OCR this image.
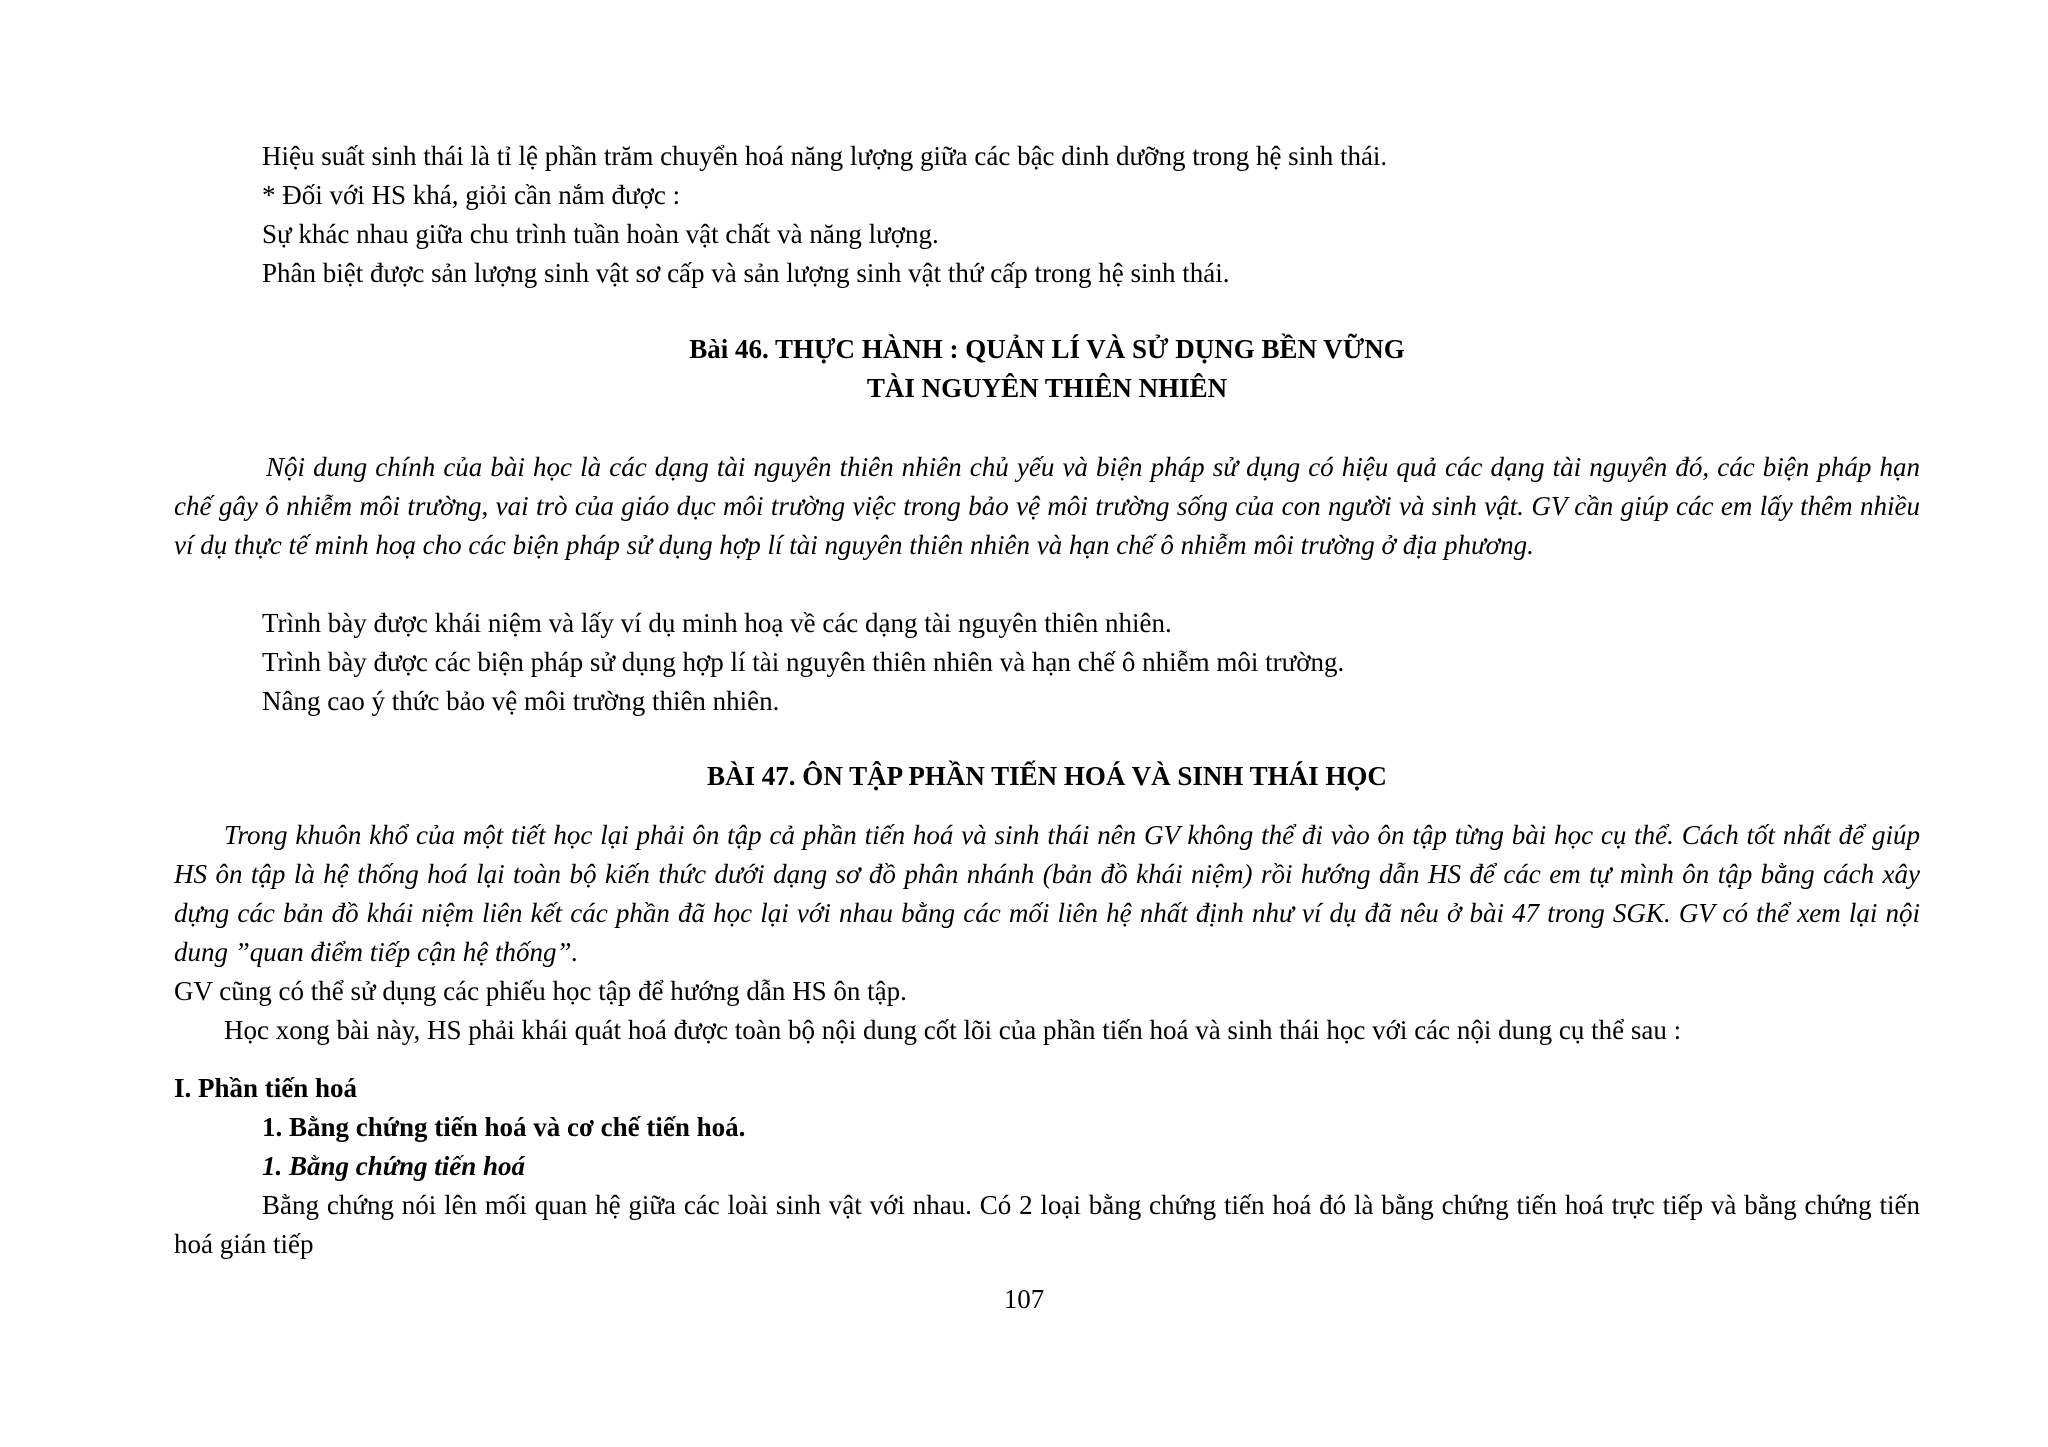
Hiệu suất sinh thái là tỉ lệ phần trăm chuyển hoá năng lượng giữa các bậc dinh dưỡng trong hệ sinh thái.
* Đối với HS khá, giỏi cần nắm được :
Sự khác nhau giữa chu trình tuần hoàn vật chất và năng lượng.
Phân biệt được sản lượng sinh vật sơ cấp và sản lượng sinh vật thứ cấp trong hệ sinh thái.
Bài 46. THỰC HÀNH : QUẢN LÍ VÀ SỬ DỤNG BỀN VỮNG
TÀI NGUYÊN THIÊN NHIÊN
Nội dung chính của bài học là các dạng tài nguyên thiên nhiên chủ yếu và biện pháp sử dụng có hiệu quả các dạng tài nguyên đó, các biện pháp hạn chế gây ô nhiễm môi trường, vai trò của giáo dục môi trường việc trong bảo vệ môi trường sống của con người và sinh vật. GV cần giúp các em lấy thêm nhiều ví dụ thực tế minh hoạ cho các biện pháp sử dụng hợp lí tài nguyên thiên nhiên và hạn chế ô nhiễm môi trường ở địa phương.
Trình bày được khái niệm và lấy ví dụ minh hoạ về các dạng tài nguyên thiên nhiên.
Trình bày được các biện pháp sử dụng hợp lí tài nguyên thiên nhiên và hạn chế ô nhiễm môi trường.
Nâng cao ý thức bảo vệ môi trường thiên nhiên.
BÀI 47. ÔN TẬP PHẦN TIẾN HOÁ VÀ SINH THÁI HỌC
Trong khuôn khổ của một tiết học lại phải ôn tập cả phần tiến hoá và sinh thái nên GV không thể đi vào ôn tập từng bài học cụ thể. Cách tốt nhất để giúp HS ôn tập là hệ thống hoá lại toàn bộ kiến thức dưới dạng sơ đồ phân nhánh (bản đồ khái niệm) rồi hướng dẫn HS để các em tự mình ôn tập bằng cách xây dựng các bản đồ khái niệm liên kết các phần đã học lại với nhau bằng các mối liên hệ nhất định như ví dụ đã nêu ở bài 47 trong SGK. GV có thể xem lại nội dung ”quan điểm tiếp cận hệ thống”.
GV cũng có thể sử dụng các phiếu học tập để hướng dẫn HS ôn tập.
Học xong bài này, HS phải khái quát hoá được toàn bộ nội dung cốt lõi của phần tiến hoá và sinh thái học với các nội dung cụ thể sau :
I. Phần tiến hoá
1. Bằng chứng tiến hoá và cơ chế tiến hoá.
1. Bằng chứng tiến hoá
Bằng chứng nói lên mối quan hệ giữa các loài sinh vật với nhau. Có 2 loại bằng chứng tiến hoá đó là bằng chứng tiến hoá trực tiếp và bằng chứng tiến hoá gián tiếp
107
